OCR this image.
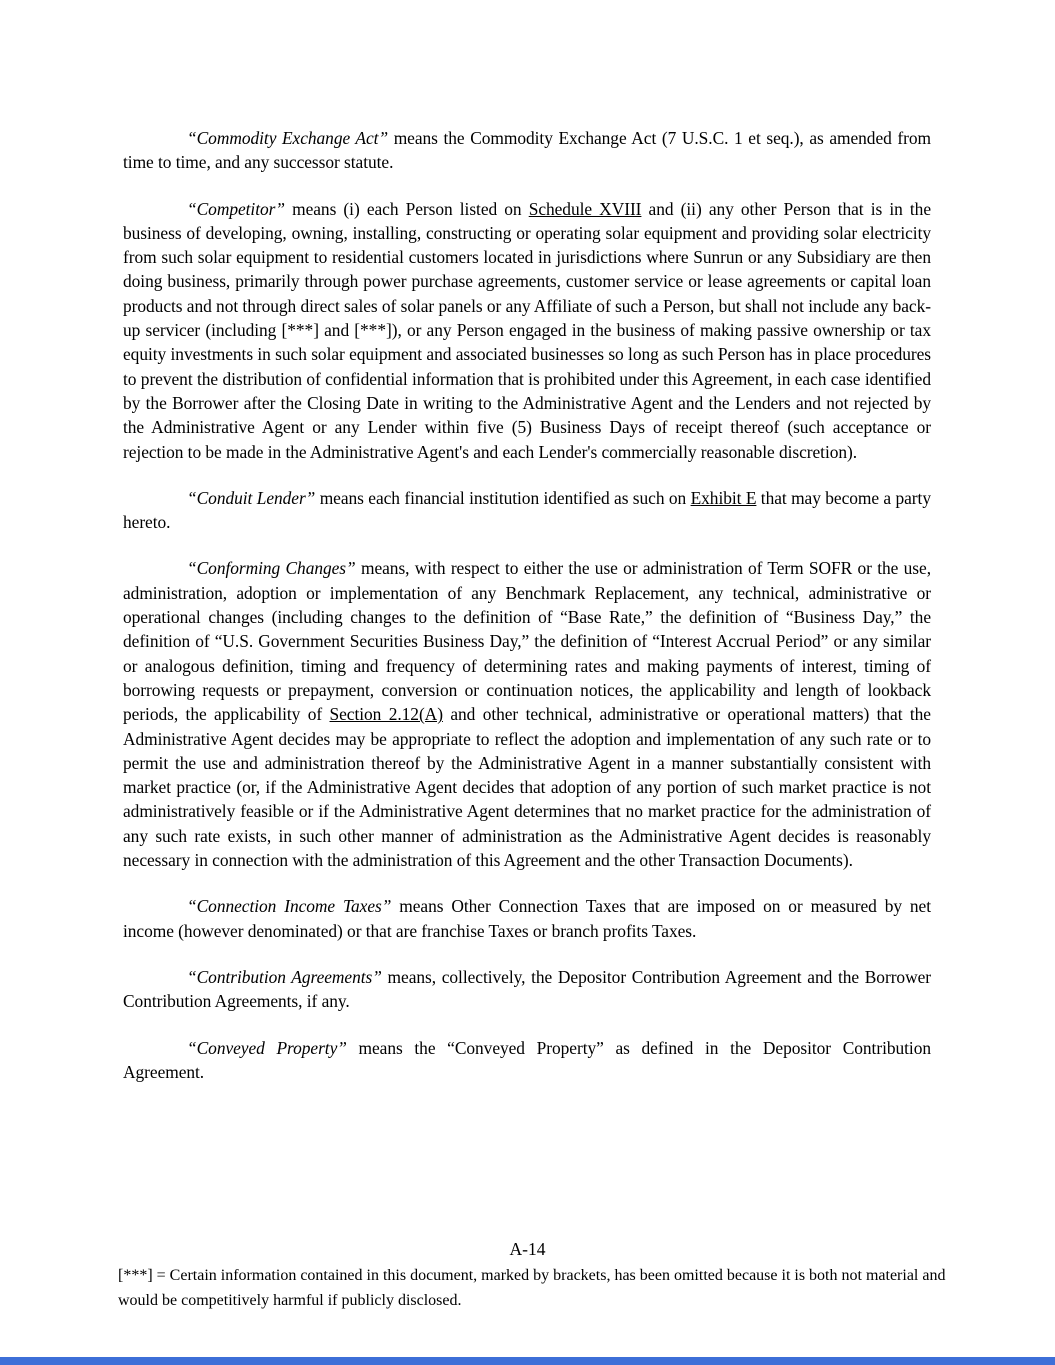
“Commodity Exchange Act” means the Commodity Exchange Act (7 U.S.C. 1 et seq.), as amended from time to time, and any successor statute.

“Competitor” means (i) each Person listed on Schedule XVIII and (ii) any other Person that is in the business of developing, owning, installing, constructing or operating solar equipment and providing solar electricity from such solar equipment to residential customers located in jurisdictions where Sunrun or any Subsidiary are then doing business, primarily through power purchase agreements, customer service or lease agreements or capital loan products and not through direct sales of solar panels or any Affiliate of such a Person, but shall not include any back-up servicer (including [***] and [***]), or any Person engaged in the business of making passive ownership or tax equity investments in such solar equipment and associated businesses so long as such Person has in place procedures to prevent the distribution of confidential information that is prohibited under this Agreement, in each case identified by the Borrower after the Closing Date in writing to the Administrative Agent and the Lenders and not rejected by the Administrative Agent or any Lender within five (5) Business Days of receipt thereof (such acceptance or rejection to be made in the Administrative Agent's and each Lender's commercially reasonable discretion).

“Conduit Lender” means each financial institution identified as such on Exhibit E that may become a party hereto.

“Conforming Changes” means, with respect to either the use or administration of Term SOFR or the use, administration, adoption or implementation of any Benchmark Replacement, any technical, administrative or operational changes (including changes to the definition of “Base Rate,” the definition of “Business Day,” the definition of “U.S. Government Securities Business Day,” the definition of “Interest Accrual Period” or any similar or analogous definition, timing and frequency of determining rates and making payments of interest, timing of borrowing requests or prepayment, conversion or continuation notices, the applicability and length of lookback periods, the applicability of Section 2.12(A) and other technical, administrative or operational matters) that the Administrative Agent decides may be appropriate to reflect the adoption and implementation of any such rate or to permit the use and administration thereof by the Administrative Agent in a manner substantially consistent with market practice (or, if the Administrative Agent decides that adoption of any portion of such market practice is not administratively feasible or if the Administrative Agent determines that no market practice for the administration of any such rate exists, in such other manner of administration as the Administrative Agent decides is reasonably necessary in connection with the administration of this Agreement and the other Transaction Documents).

“Connection Income Taxes” means Other Connection Taxes that are imposed on or measured by net income (however denominated) or that are franchise Taxes or branch profits Taxes.

“Contribution Agreements” means, collectively, the Depositor Contribution Agreement and the Borrower Contribution Agreements, if any.

“Conveyed Property” means the “Conveyed Property” as defined in the Depositor Contribution Agreement.

A-14
[***] = Certain information contained in this document, marked by brackets, has been omitted because it is both not material and would be competitively harmful if publicly disclosed.
